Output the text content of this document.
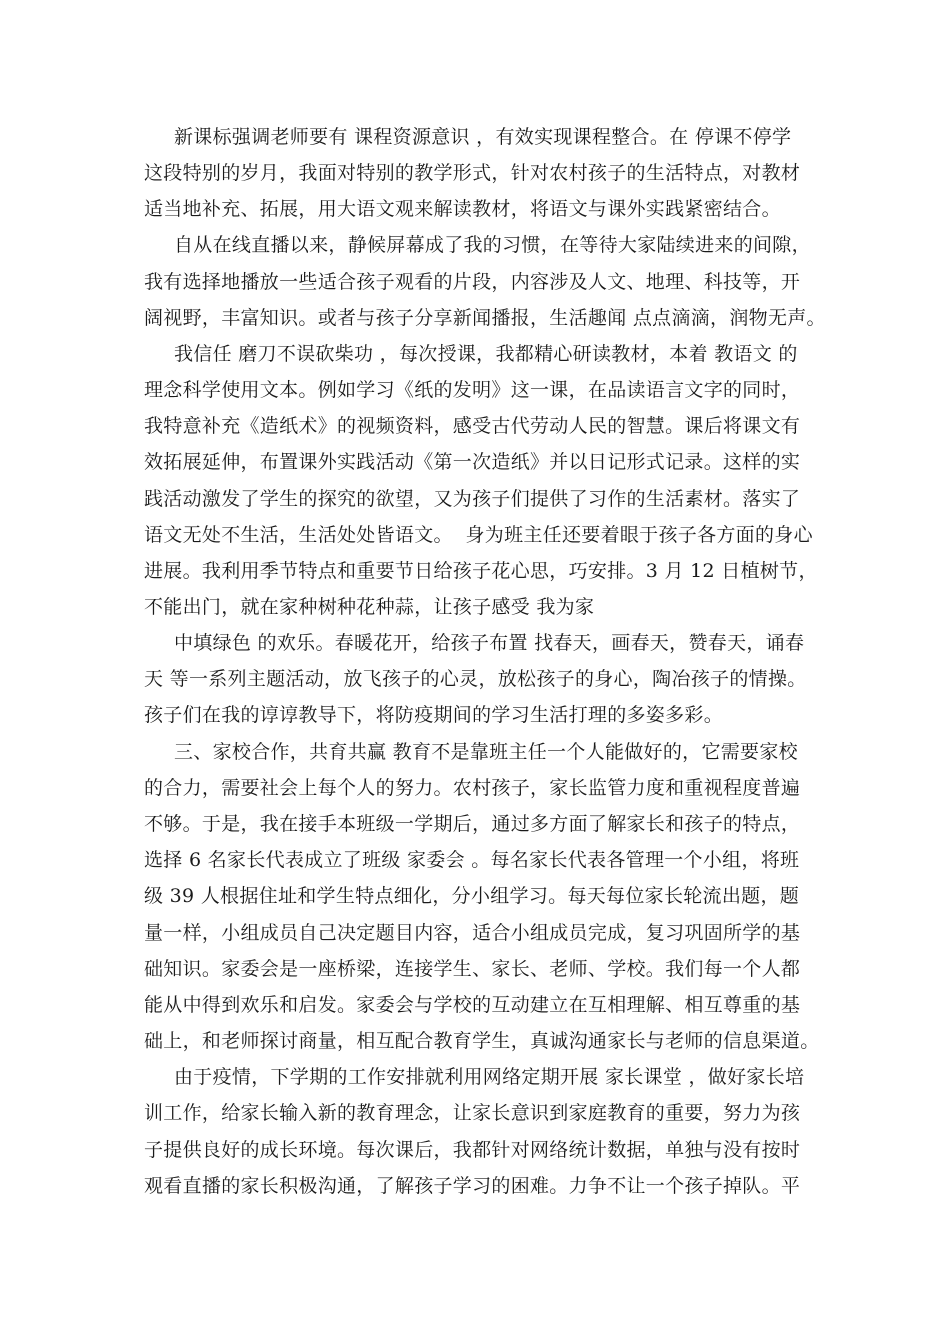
新课标强调老师要有 课程资源意识 ，有效实现课程整合。在 停课不停学
这段特别的岁月，我面对特别的教学形式，针对农村孩子的生活特点，对教材
适当地补充、拓展，用大语文观来解读教材，将语文与课外实践紧密结合。
自从在线直播以来，静候屏幕成了我的习惯，在等待大家陆续进来的间隙，
我有选择地播放一些适合孩子观看的片段，内容涉及人文、地理、科技等，开
阔视野，丰富知识。或者与孩子分享新闻播报，生活趣闻 点点滴滴，润物无声。
我信任 磨刀不误砍柴功 ，每次授课，我都精心研读教材，本着 教语文 的
理念科学使用文本。例如学习《纸的发明》这一课，在品读语言文字的同时，
我特意补充《造纸术》的视频资料，感受古代劳动人民的智慧。课后将课文有
效拓展延伸，布置课外实践活动《第一次造纸》并以日记形式记录。这样的实
践活动激发了学生的探究的欲望，又为孩子们提供了习作的生活素材。落实了
语文无处不生活，生活处处皆语文。  身为班主任还要着眼于孩子各方面的身心
进展。我利用季节特点和重要节日给孩子花心思，巧安排。3 月 12 日植树节，
不能出门，就在家种树种花种蒜，让孩子感受 我为家
中填绿色 的欢乐。春暖花开，给孩子布置 找春天，画春天，赞春天，诵春
天 等一系列主题活动，放飞孩子的心灵，放松孩子的身心，陶冶孩子的情操。
孩子们在我的谆谆教导下，将防疫期间的学习生活打理的多姿多彩。
三、家校合作，共育共赢 教育不是靠班主任一个人能做好的，它需要家校
的合力，需要社会上每个人的努力。农村孩子，家长监管力度和重视程度普遍
不够。于是，我在接手本班级一学期后，通过多方面了解家长和孩子的特点，
选择 6 名家长代表成立了班级 家委会 。每名家长代表各管理一个小组，将班
级 39 人根据住址和学生特点细化，分小组学习。每天每位家长轮流出题，题
量一样，小组成员自己决定题目内容，适合小组成员完成，复习巩固所学的基
础知识。家委会是一座桥梁，连接学生、家长、老师、学校。我们每一个人都
能从中得到欢乐和启发。家委会与学校的互动建立在互相理解、相互尊重的基
础上，和老师探讨商量，相互配合教育学生，真诚沟通家长与老师的信息渠道。
由于疫情，下学期的工作安排就利用网络定期开展 家长课堂 ，做好家长培
训工作，给家长输入新的教育理念，让家长意识到家庭教育的重要，努力为孩
子提供良好的成长环境。每次课后，我都针对网络统计数据，单独与没有按时
观看直播的家长积极沟通，了解孩子学习的困难。力争不让一个孩子掉队。平
